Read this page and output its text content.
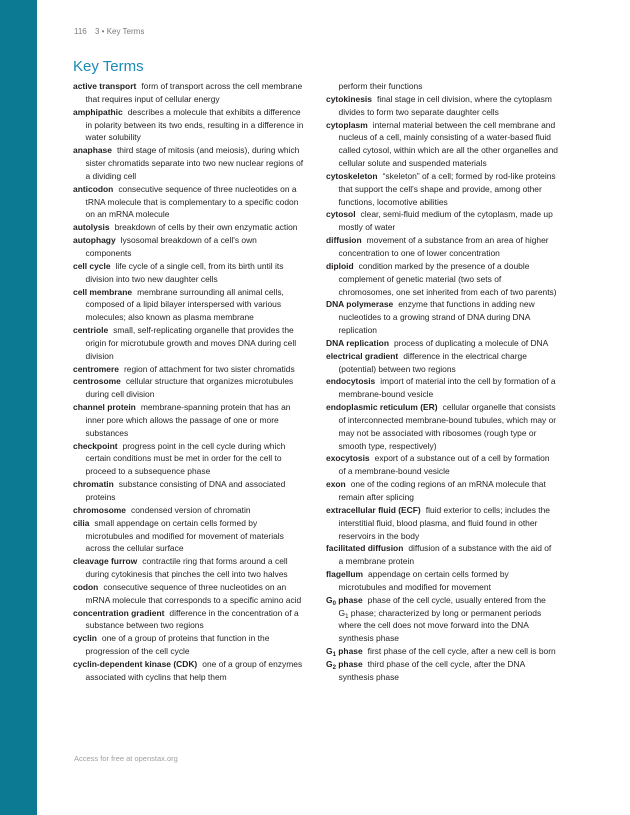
116 3 • Key Terms
Key Terms
active transport form of transport across the cell membrane that requires input of cellular energy
amphipathic describes a molecule that exhibits a difference in polarity between its two ends, resulting in a difference in water solubility
anaphase third stage of mitosis (and meiosis), during which sister chromatids separate into two new nuclear regions of a dividing cell
anticodon consecutive sequence of three nucleotides on a tRNA molecule that is complementary to a specific codon on an mRNA molecule
autolysis breakdown of cells by their own enzymatic action
autophagy lysosomal breakdown of a cell's own components
cell cycle life cycle of a single cell, from its birth until its division into two new daughter cells
cell membrane membrane surrounding all animal cells, composed of a lipid bilayer interspersed with various molecules; also known as plasma membrane
centriole small, self-replicating organelle that provides the origin for microtubule growth and moves DNA during cell division
centromere region of attachment for two sister chromatids
centrosome cellular structure that organizes microtubules during cell division
channel protein membrane-spanning protein that has an inner pore which allows the passage of one or more substances
checkpoint progress point in the cell cycle during which certain conditions must be met in order for the cell to proceed to a subsequence phase
chromatin substance consisting of DNA and associated proteins
chromosome condensed version of chromatin
cilia small appendage on certain cells formed by microtubules and modified for movement of materials across the cellular surface
cleavage furrow contractile ring that forms around a cell during cytokinesis that pinches the cell into two halves
codon consecutive sequence of three nucleotides on an mRNA molecule that corresponds to a specific amino acid
concentration gradient difference in the concentration of a substance between two regions
cyclin one of a group of proteins that function in the progression of the cell cycle
cyclin-dependent kinase (CDK) one of a group of enzymes associated with cyclins that help them
perform their functions
cytokinesis final stage in cell division, where the cytoplasm divides to form two separate daughter cells
cytoplasm internal material between the cell membrane and nucleus of a cell, mainly consisting of a water-based fluid called cytosol, within which are all the other organelles and cellular solute and suspended materials
cytoskeleton “skeleton” of a cell; formed by rod-like proteins that support the cell's shape and provide, among other functions, locomotive abilities
cytosol clear, semi-fluid medium of the cytoplasm, made up mostly of water
diffusion movement of a substance from an area of higher concentration to one of lower concentration
diploid condition marked by the presence of a double complement of genetic material (two sets of chromosomes, one set inherited from each of two parents)
DNA polymerase enzyme that functions in adding new nucleotides to a growing strand of DNA during DNA replication
DNA replication process of duplicating a molecule of DNA
electrical gradient difference in the electrical charge (potential) between two regions
endocytosis import of material into the cell by formation of a membrane-bound vesicle
endoplasmic reticulum (ER) cellular organelle that consists of interconnected membrane-bound tubules, which may or may not be associated with ribosomes (rough type or smooth type, respectively)
exocytosis export of a substance out of a cell by formation of a membrane-bound vesicle
exon one of the coding regions of an mRNA molecule that remain after splicing
extracellular fluid (ECF) fluid exterior to cells; includes the interstitial fluid, blood plasma, and fluid found in other reservoirs in the body
facilitated diffusion diffusion of a substance with the aid of a membrane protein
flagellum appendage on certain cells formed by microtubules and modified for movement
$G_0$ phase phase of the cell cycle, usually entered from the $G_1$ phase; characterized by long or permanent periods where the cell does not move forward into the DNA synthesis phase
$G_1$ phase first phase of the cell cycle, after a new cell is born
$G_2$ phase third phase of the cell cycle, after the DNA synthesis phase
Access for free at openstax.org
